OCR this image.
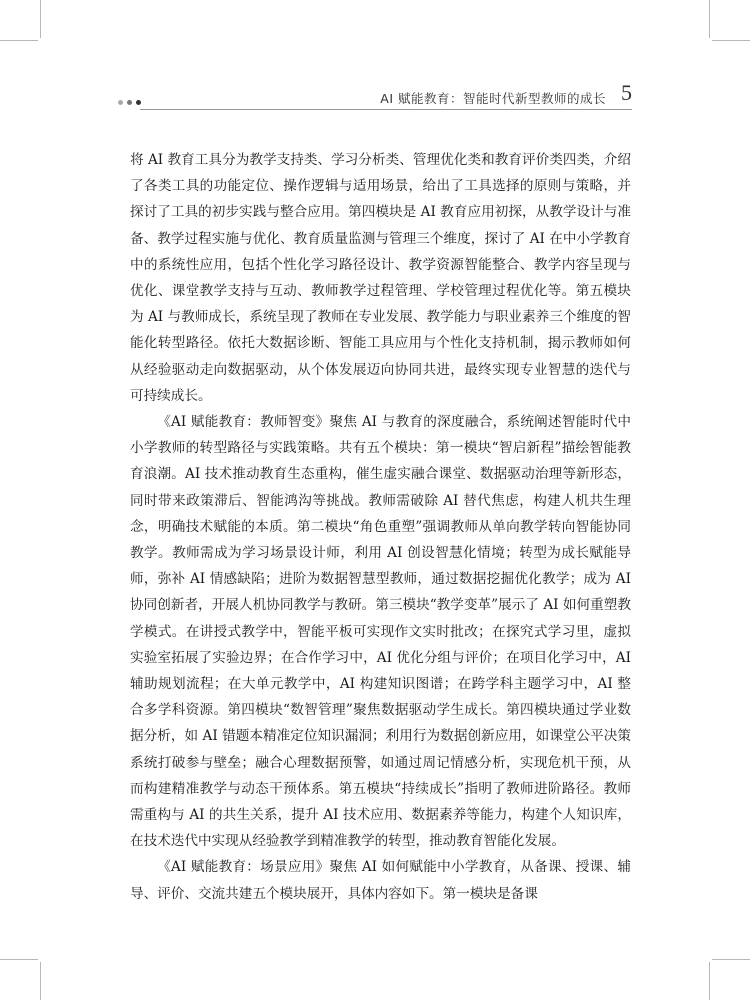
AI 赋能教育：智能时代新型教师的成长 5

将 AI 教育工具分为教学支持类、学习分析类、管理优化类和教育评价类四类，介绍了各类工具的功能定位、操作逻辑与适用场景，给出了工具选择的原则与策略，并探讨了工具的初步实践与整合应用。第四模块是 AI 教育应用初探，从教学设计与准备、教学过程实施与优化、教育质量监测与管理三个维度，探讨了 AI 在中小学教育中的系统性应用，包括个性化学习路径设计、教学资源智能整合、教学内容呈现与优化、课堂教学支持与互动、教师教学过程管理、学校管理过程优化等。第五模块为 AI 与教师成长，系统呈现了教师在专业发展、教学能力与职业素养三个维度的智能化转型路径。依托大数据诊断、智能工具应用与个性化支持机制，揭示教师如何从经验驱动走向数据驱动，从个体发展迈向协同共进，最终实现专业智慧的迭代与可持续成长。

《AI 赋能教育：教师智变》聚焦 AI 与教育的深度融合，系统阐述智能时代中小学教师的转型路径与实践策略。共有五个模块：第一模块“智启新程”描绘智能教育浪潮。AI 技术推动教育生态重构，催生虚实融合课堂、数据驱动治理等新形态，同时带来政策滞后、智能鸿沟等挑战。教师需破除 AI 替代焦虑，构建人机共生理念，明确技术赋能的本质。第二模块“角色重塑”强调教师从单向教学转向智能协同教学。教师需成为学习场景设计师，利用 AI 创设智慧化情境；转型为成长赋能导师，弥补 AI 情感缺陷；进阶为数据智慧型教师，通过数据挖掘优化教学；成为 AI 协同创新者，开展人机协同教学与教研。第三模块“教学变革”展示了 AI 如何重塑教学模式。在讲授式教学中，智能平板可实现作文实时批改；在探究式学习里，虚拟实验室拓展了实验边界；在合作学习中，AI 优化分组与评价；在项目化学习中，AI 辅助规划流程；在大单元教学中，AI 构建知识图谱；在跨学科主题学习中，AI 整合多学科资源。第四模块“数智管理”聚焦数据驱动学生成长。第四模块通过学业数据分析，如 AI 错题本精准定位知识漏洞；利用行为数据创新应用，如课堂公平决策系统打破参与壁垒；融合心理数据预警，如通过周记情感分析，实现危机干预，从而构建精准教学与动态干预体系。第五模块“持续成长”指明了教师进阶路径。教师需重构与 AI 的共生关系，提升 AI 技术应用、数据素养等能力，构建个人知识库，在技术迭代中实现从经验教学到精准教学的转型，推动教育智能化发展。

《AI 赋能教育：场景应用》聚焦 AI 如何赋能中小学教育，从备课、授课、辅导、评价、交流共建五个模块展开，具体内容如下。第一模块是备课
